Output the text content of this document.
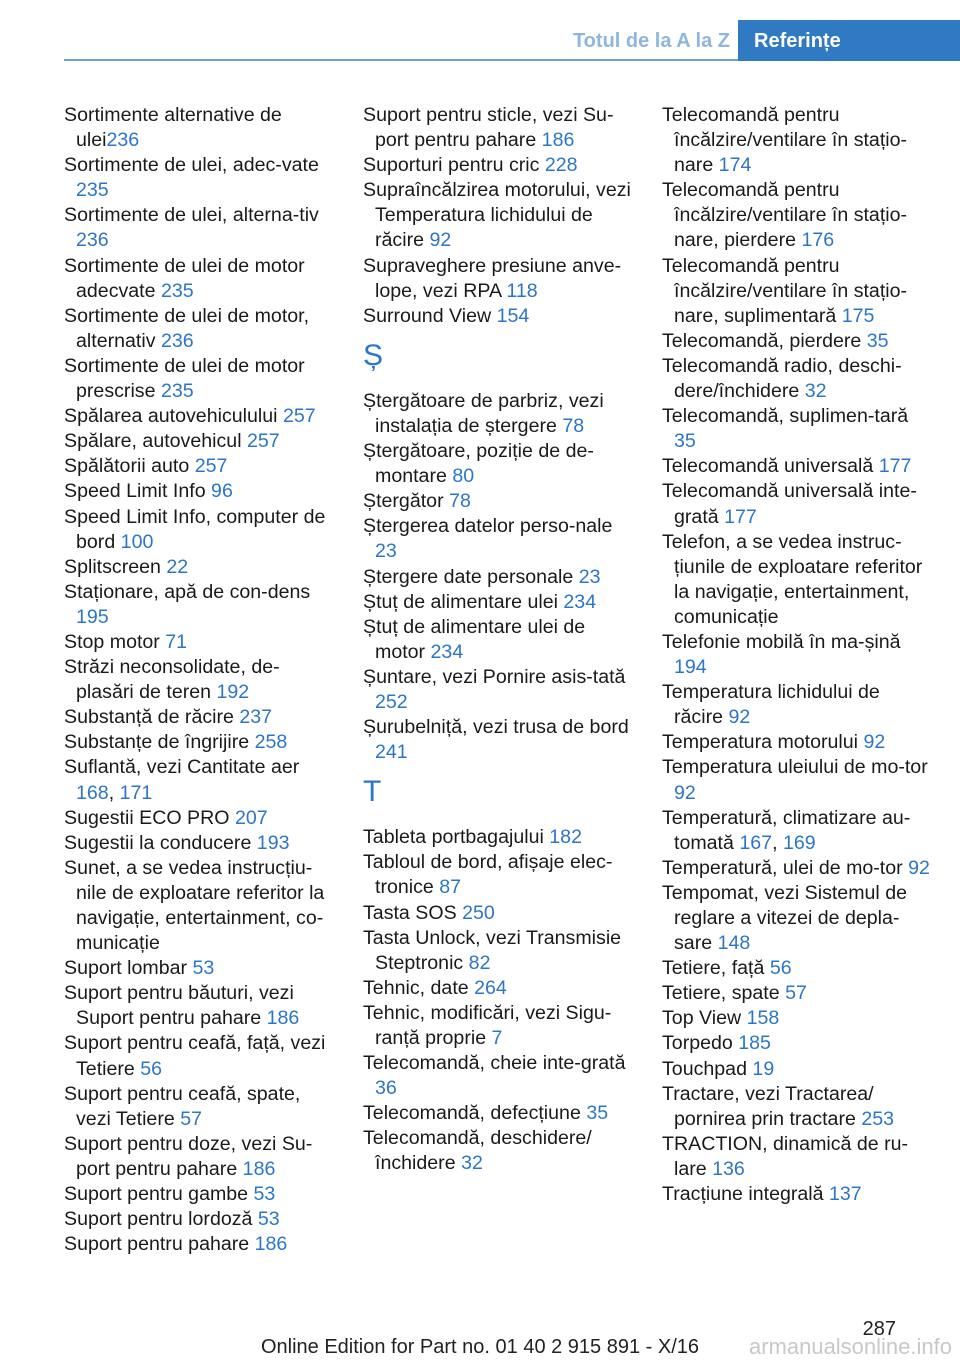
Totul de la A la Z	Referințe
Sortimente alternative de ulei236
Sortimente de ulei, adec‐vate 235
Sortimente de ulei, alterna‐tiv 236
Sortimente de ulei de motor adecvate 235
Sortimente de ulei de motor, alternativ 236
Sortimente de ulei de motor prescrise 235
Spălarea autovehiculului 257
Spălare, autovehicul 257
Spălătorii auto 257
Speed Limit Info 96
Speed Limit Info, computer de bord 100
Splitscreen 22
Staționare, apă de con‐dens 195
Stop motor 71
Străzi neconsolidate, de‐plasări de teren 192
Substanță de răcire 237
Substanțe de îngrijire 258
Suflantă, vezi Cantitate aer 168, 171
Sugestii ECO PRO 207
Sugestii la conducere 193
Sunet, a se vedea instrucțiu‐nile de exploatare referitor la navigație, entertainment, co‐municație
Suport lombar 53
Suport pentru băuturi, vezi Suport pentru pahare 186
Suport pentru ceafă, față, vezi Tetiere 56
Suport pentru ceafă, spate, vezi Tetiere 57
Suport pentru doze, vezi Su‐port pentru pahare 186
Suport pentru gambe 53
Suport pentru lordoză 53
Suport pentru pahare 186
Suport pentru sticle, vezi Su‐port pentru pahare 186
Suporturi pentru cric 228
Supraîncălzirea motorului, vezi Temperatura lichidului de răcire 92
Supraveghere presiune anve‐lope, vezi RPA 118
Surround View 154
Ș
Ștergătoare de parbriz, vezi instalația de ștergere 78
Ștergătoare, poziție de de‐montare 80
Ștergător 78
Ștergerea datelor perso‐nale 23
Ștergere date personale 23
Ștuț de alimentare ulei 234
Ștuț de alimentare ulei de motor 234
Șuntare, vezi Pornire asis‐tată 252
Șurubelniță, vezi trusa de bord 241
T
Tableta portbagajului 182
Tabloul de bord, afișaje elec‐tronice 87
Tasta SOS 250
Tasta Unlock, vezi Transmisie Steptronic 82
Tehnic, date 264
Tehnic, modificări, vezi Sigu‐ranță proprie 7
Telecomandă, cheie inte‐grată 36
Telecomandă, defecțiune 35
Telecomandă, deschidere/ închidere 32
Telecomandă pentru încălzire/ventilare în stațio‐nare 174
Telecomandă pentru încălzire/ventilare în stațio‐nare, pierdere 176
Telecomandă pentru încălzire/ventilare în stațio‐nare, suplimentară 175
Telecomandă, pierdere 35
Telecomandă radio, deschi‐dere/închidere 32
Telecomandă, suplimen‐tară 35
Telecomandă universală 177
Telecomandă universală inte‐grată 177
Telefon, a se vedea instruc‐țiunile de exploatare referitor la navigație, entertainment, comunicație
Telefonie mobilă în ma‐șină 194
Temperatura lichidului de răcire 92
Temperatura motorului 92
Temperatura uleiului de mo‐tor 92
Temperatură, climatizare au‐tomată 167, 169
Temperatură, ulei de mo‐tor 92
Tempomat, vezi Sistemul de reglare a vitezei de depla‐sare 148
Tetiere, față 56
Tetiere, spate 57
Top View 158
Torpedo 185
Touchpad 19
Tractare, vezi Tractarea/ pornirea prin tractare 253
TRACTION, dinamică de ru‐lare 136
Tracțiune integrală 137
287
Online Edition for Part no. 01 40 2 915 891 - X/16	armanualsonline.info
